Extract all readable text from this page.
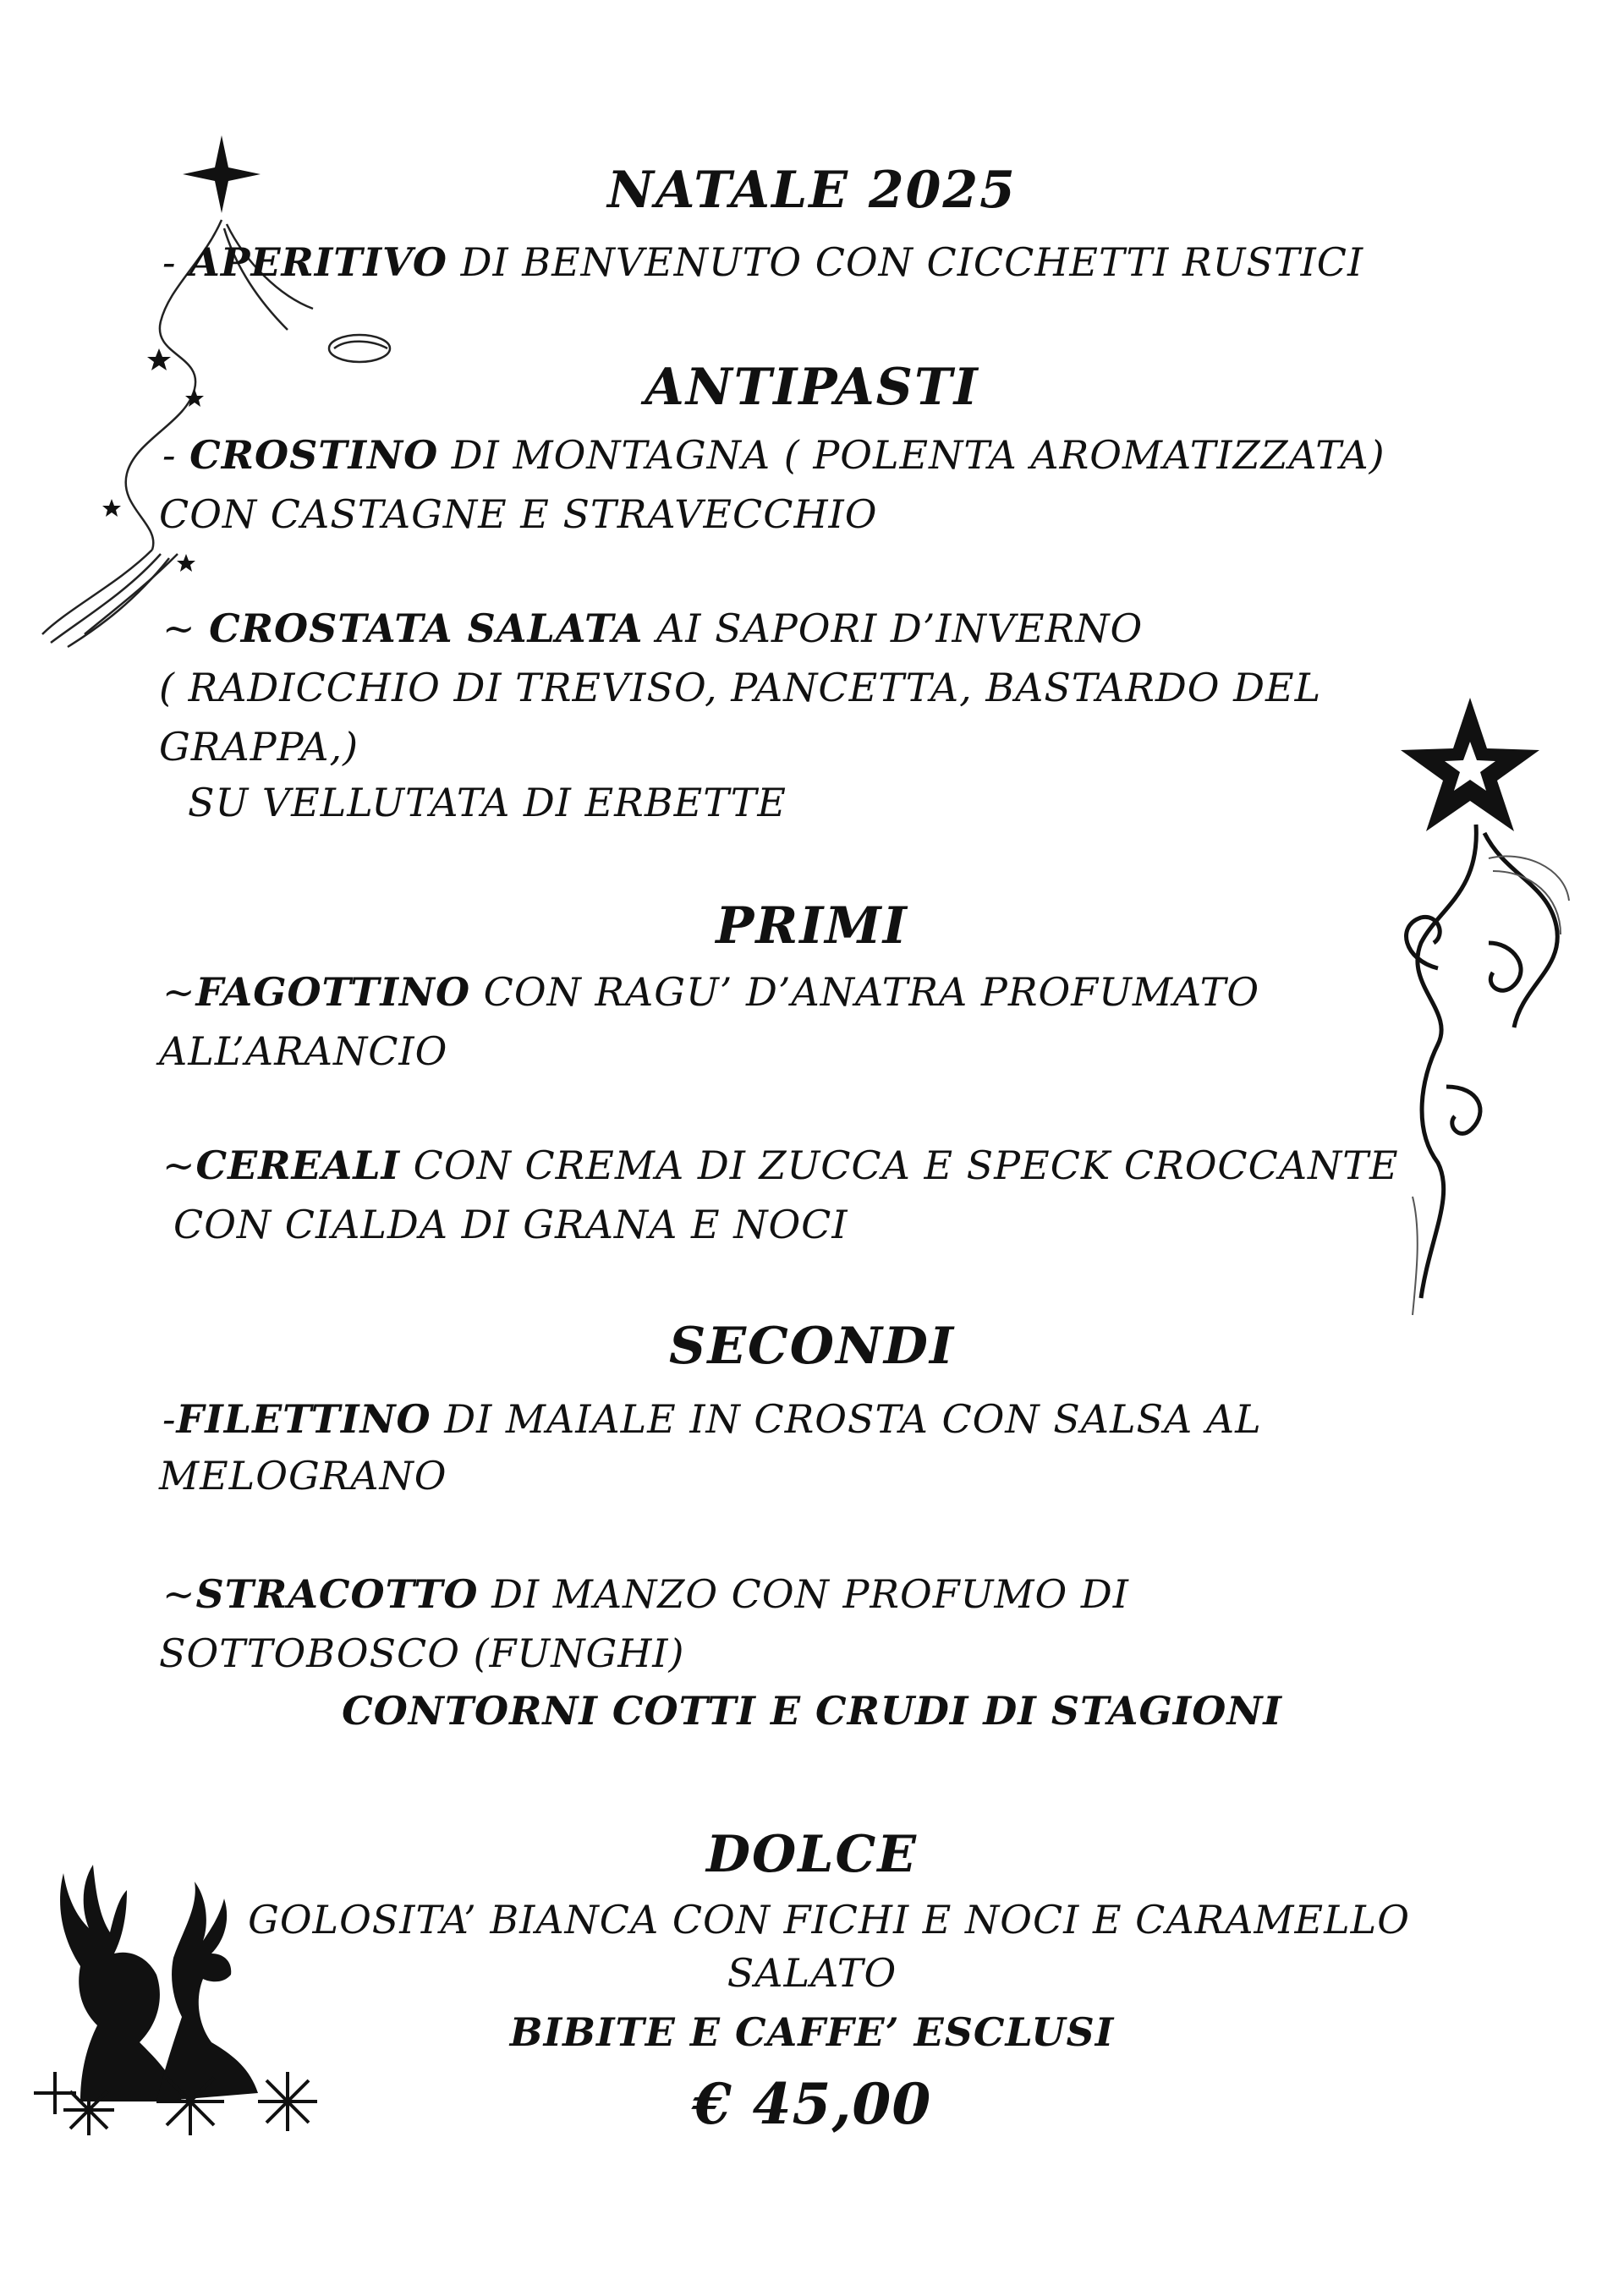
NATALE 2025
- APERITIVO DI BENVENUTO CON CICCHETTI RUSTICI
ANTIPASTI
- CROSTINO DI MONTAGNA ( POLENTA AROMATIZZATA)
CON CASTAGNE E STRAVECCHIO
~ CROSTATA SALATA AI SAPORI D’INVERNO
( RADICCHIO DI TREVISO, PANCETTA, BASTARDO DEL
GRAPPA,)
SU VELLUTATA DI ERBETTE
PRIMI
~FAGOTTINO CON RAGU’ D’ANATRA PROFUMATO
ALL’ARANCIO
~CEREALI CON CREMA DI ZUCCA E SPECK CROCCANTE
CON CIALDA DI GRANA E NOCI
SECONDI
-FILETTINO DI MAIALE IN CROSTA CON SALSA AL
MELOGRANO
~STRACOTTO DI MANZO CON PROFUMO DI
SOTTOBOSCO (FUNGHI)
CONTORNI COTTI E CRUDI DI STAGIONI
DOLCE
GOLOSITA’ BIANCA CON FICHI E NOCI E CARAMELLO
SALATO
BIBITE E CAFFE’ ESCLUSI
€ 45,00
